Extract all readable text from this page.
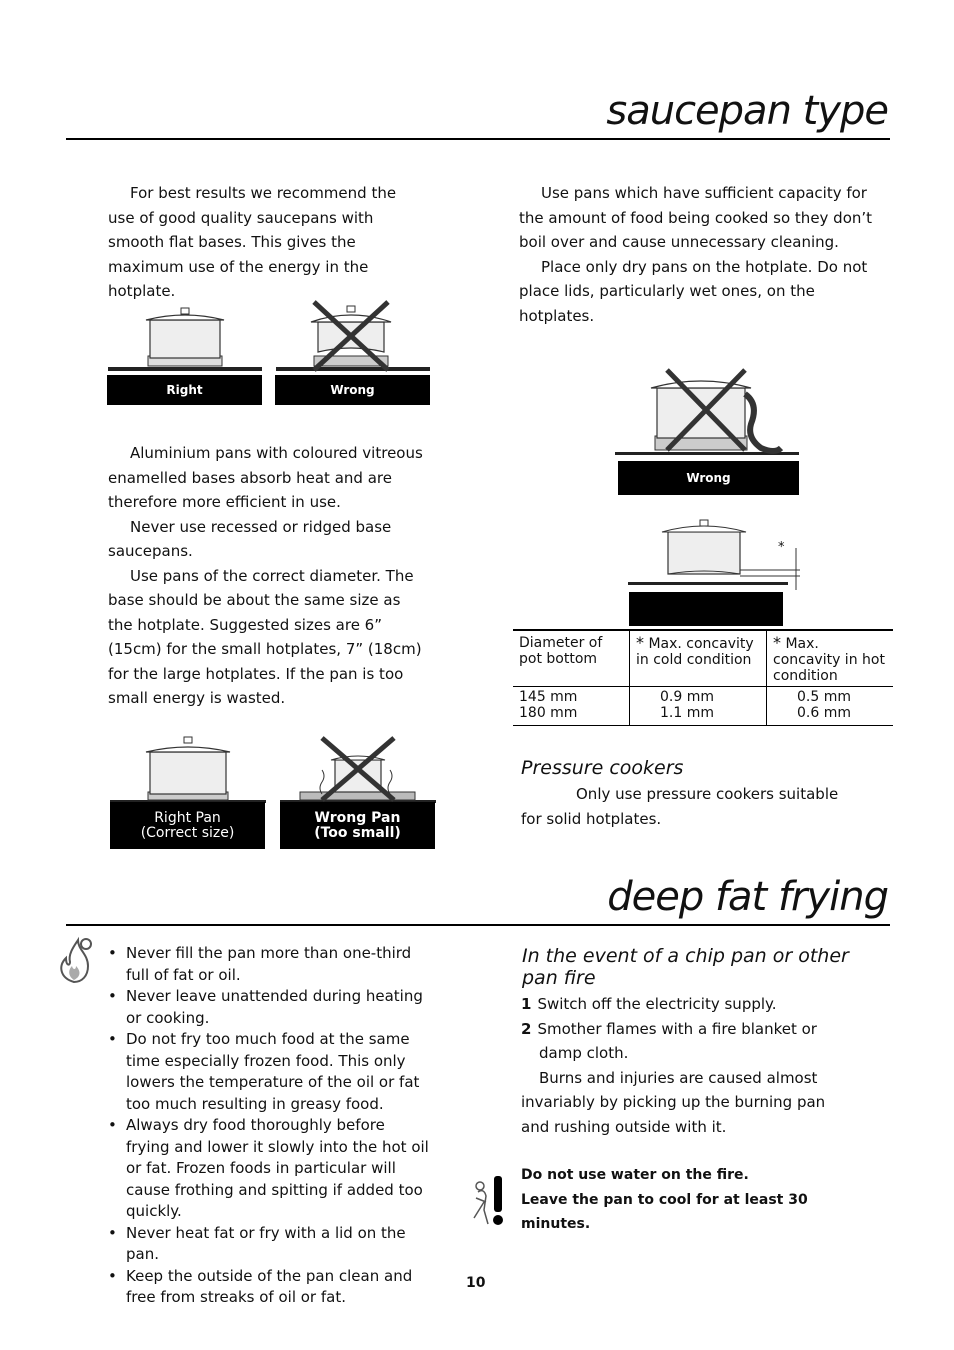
saucepan type

For best results we recommend the use of good quality saucepans with smooth flat bases. This gives the maximum use of the energy in the hotplate.

Right	Wrong

Aluminium pans with coloured vitreous enamelled bases absorb heat and are therefore more efficient in use.

Never use recessed or ridged base saucepans.

Use pans of the correct diameter. The base should be about the same size as the hotplate. Suggested sizes are 6” (15cm) for the small hotplates, 7” (18cm) for the large hotplates. If the pan is too small energy is wasted.

Right Pan
(Correct size)
Wrong Pan
(Too small)

Use pans which have sufficient capacity for the amount of food being cooked so they don’t boil over and cause unnecessary cleaning.

Place only dry pans on the hotplate. Do not place lids, particularly wet ones, on the hotplates.

Wrong
*
Diameter of pot bottom	* Max. concavity in cold condition	* Max. concavity in hot condition
145 mm	0.9 mm	0.5 mm
180 mm	1.1 mm	0.6 mm
Pressure cookers

Only use pressure cookers suitable for solid hotplates.

deep fat frying
• Never fill the pan more than one-third full of fat or oil.
• Never leave unattended during heating or cooking.
• Do not fry too much food at the same time especially frozen food. This only lowers the temperature of the oil or fat too much resulting in greasy food.
• Always dry food thoroughly before frying and lower it slowly into the hot oil or fat. Frozen foods in particular will cause frothing and spitting if added too quickly.
• Never heat fat or fry with a lid on the pan.
• Keep the outside of the pan clean and free from streaks of oil or fat.
In the event of a chip pan or other pan fire

1 Switch off the electricity supply.

2 Smother flames with a fire blanket or damp cloth.

Burns and injuries are caused almost invariably by picking up the burning pan and rushing outside with it.

Do not use water on the fire.
Leave the pan to cool for at least 30 minutes.
10
